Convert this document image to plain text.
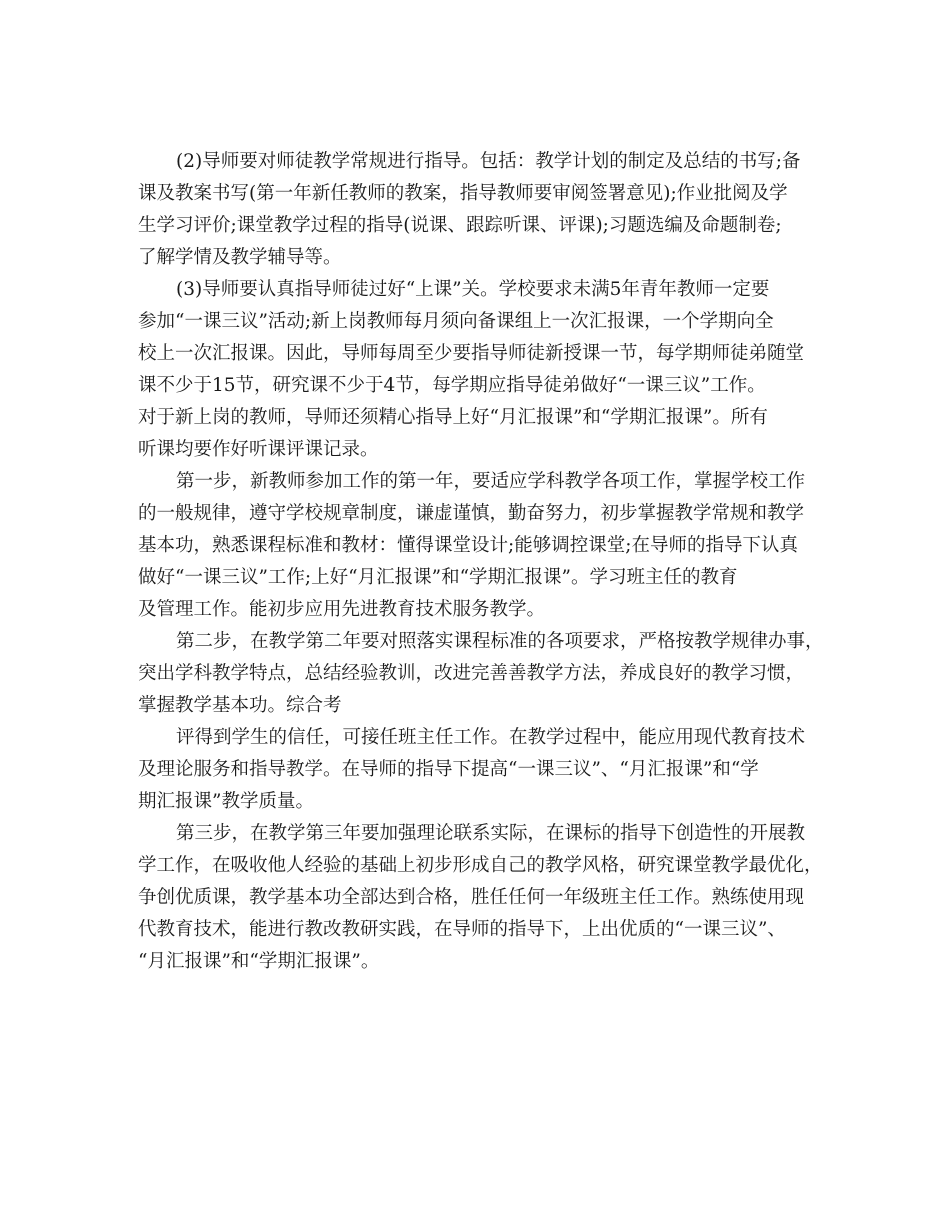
(2)导师要对师徒教学常规进行指导。包括：教学计划的制定及总结的书写;备
课及教案书写(第一年新任教师的教案，指导教师要审阅签署意见);作业批阅及学
生学习评价;课堂教学过程的指导(说课、跟踪听课、评课);习题选编及命题制卷;
了解学情及教学辅导等。
(3)导师要认真指导师徒过好“上课”关。学校要求未满5年青年教师一定要
参加“一课三议”活动;新上岗教师每月须向备课组上一次汇报课，一个学期向全
校上一次汇报课。因此，导师每周至少要指导师徒新授课一节，每学期师徒弟随堂
课不少于15节，研究课不少于4节，每学期应指导徒弟做好“一课三议”工作。
对于新上岗的教师，导师还须精心指导上好“月汇报课”和“学期汇报课”。所有
听课均要作好听课评课记录。
第一步，新教师参加工作的第一年，要适应学科教学各项工作，掌握学校工作
的一般规律，遵守学校规章制度，谦虚谨慎，勤奋努力，初步掌握教学常规和教学
基本功，熟悉课程标准和教材：懂得课堂设计;能够调控课堂;在导师的指导下认真
做好“一课三议”工作;上好“月汇报课”和“学期汇报课”。学习班主任的教育
及管理工作。能初步应用先进教育技术服务教学。
第二步，在教学第二年要对照落实课程标准的各项要求，严格按教学规律办事，
突出学科教学特点，总结经验教训，改进完善善教学方法，养成良好的教学习惯，
掌握教学基本功。综合考
评得到学生的信任，可接任班主任工作。在教学过程中，能应用现代教育技术
及理论服务和指导教学。在导师的指导下提高“一课三议”、“月汇报课”和“学
期汇报课”教学质量。
第三步，在教学第三年要加强理论联系实际，在课标的指导下创造性的开展教
学工作，在吸收他人经验的基础上初步形成自己的教学风格，研究课堂教学最优化，
争创优质课，教学基本功全部达到合格，胜任任何一年级班主任工作。熟练使用现
代教育技术，能进行教改教研实践，在导师的指导下，上出优质的“一课三议”、
“月汇报课”和“学期汇报课”。
